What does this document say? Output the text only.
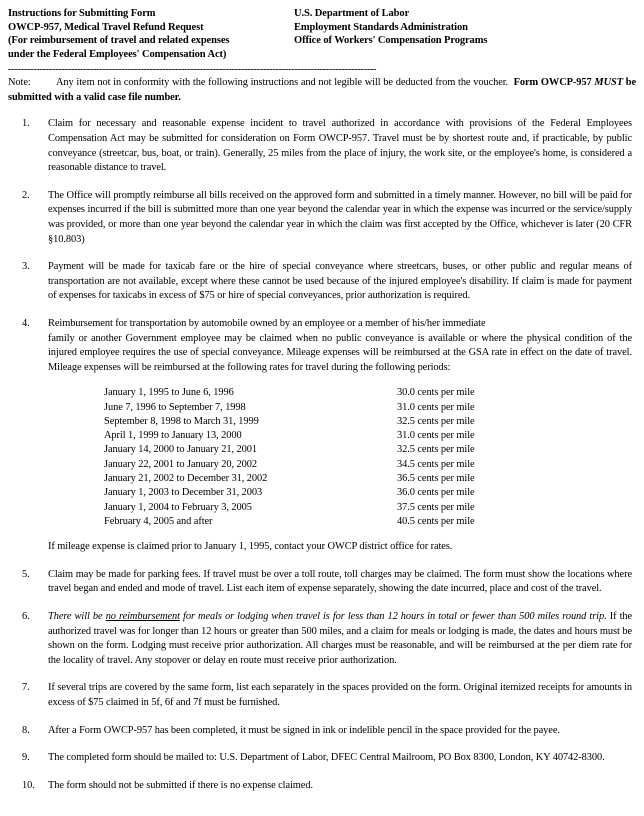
Instructions for Submitting Form
OWCP-957, Medical Travel Refund Request
(For reimbursement of travel and related expenses
under the Federal Employees' Compensation Act)
U.S. Department of Labor
Employment Standards Administration
Office of Workers' Compensation Programs
---------------------------------------------------------------------------------------------------------------------
Note: Any item not in conformity with the following instructions and not legible will be deducted from the voucher. Form OWCP-957 MUST be submitted with a valid case file number.
1.	Claim for necessary and reasonable expense incident to travel authorized in accordance with provisions of the Federal Employees Compensation Act may be submitted for consideration on Form OWCP-957. Travel must be by shortest route and, if practicable, by public conveyance (streetcar, bus, boat, or train). Generally, 25 miles from the place of injury, the work site, or the employee's home, is considered a reasonable distance to travel.
2.	The Office will promptly reimburse all bills received on the approved form and submitted in a timely manner. However, no bill will be paid for expenses incurred if the bill is submitted more than one year beyond the calendar year in which the expense was incurred or the service/supply was provided, or more than one year beyond the calendar year in which the claim was first accepted by the Office, whichever is later (20 CFR §10.803)
3.	Payment will be made for taxicab fare or the hire of special conveyance where streetcars, buses, or other public and regular means of transportation are not available, except where these cannot be used because of the injured employee's disability. If claim is made for payment of expenses for taxicabs in excess of $75 or hire of special conveyances, prior authorization is required.
4.	Reimbursement for transportation by automobile owned by an employee or a member of his/her immediate
family or another Government employee may be claimed when no public conveyance is available or where the physical condition of the injured employee requires the use of special conveyance. Mileage expenses will be reimbursed at the GSA rate in effect on the date of travel. Mileage expenses will be reimbursed at the following rates for travel during the following periods:
January 1, 1995 to June 6, 1996	30.0 cents per mile
June 7, 1996 to September 7, 1998	31.0 cents per mile
September 8, 1998 to March 31, 1999	32.5 cents per mile
April 1, 1999 to January 13, 2000	31.0 cents per mile
January 14, 2000 to January 21, 2001	32.5 cents per mile
January 22, 2001 to January 20, 2002	34.5 cents per mile
January 21, 2002 to December 31, 2002	36.5 cents per mile
January 1, 2003 to December 31, 2003	36.0 cents per mile
January 1, 2004 to February 3, 2005	37.5 cents per mile
February 4, 2005 and after	40.5 cents per mile
If mileage expense is claimed prior to January 1, 1995, contact your OWCP district office for rates.
5.	Claim may be made for parking fees. If travel must be over a toll route, toll charges may be claimed. The form must show the locations where travel began and ended and mode of travel. List each item of expense separately, showing the date incurred, place and cost of the travel.
6.	There will be no reimbursement for meals or lodging when travel is for less than 12 hours in total or fewer than 500 miles round trip. If the authorized travel was for longer than 12 hours or greater than 500 miles, and a claim for meals or lodging is made, the dates and hours must be shown on the form. Lodging must receive prior authorization. All charges must be reasonable, and will be reimbursed at the per diem rate for the locality of travel. Any stopover or delay en route must receive prior authorization.
7.	If several trips are covered by the same form, list each separately in the spaces provided on the form. Original itemized receipts for amounts in excess of $75 claimed in 5f, 6f and 7f must be furnished.
8.	After a Form OWCP-957 has been completed, it must be signed in ink or indelible pencil in the space provided for the payee.
9.	The completed form should be mailed to: U.S. Department of Labor, DFEC Central Mailroom, PO Box 8300, London, KY 40742-8300.
10.	The form should not be submitted if there is no expense claimed.
